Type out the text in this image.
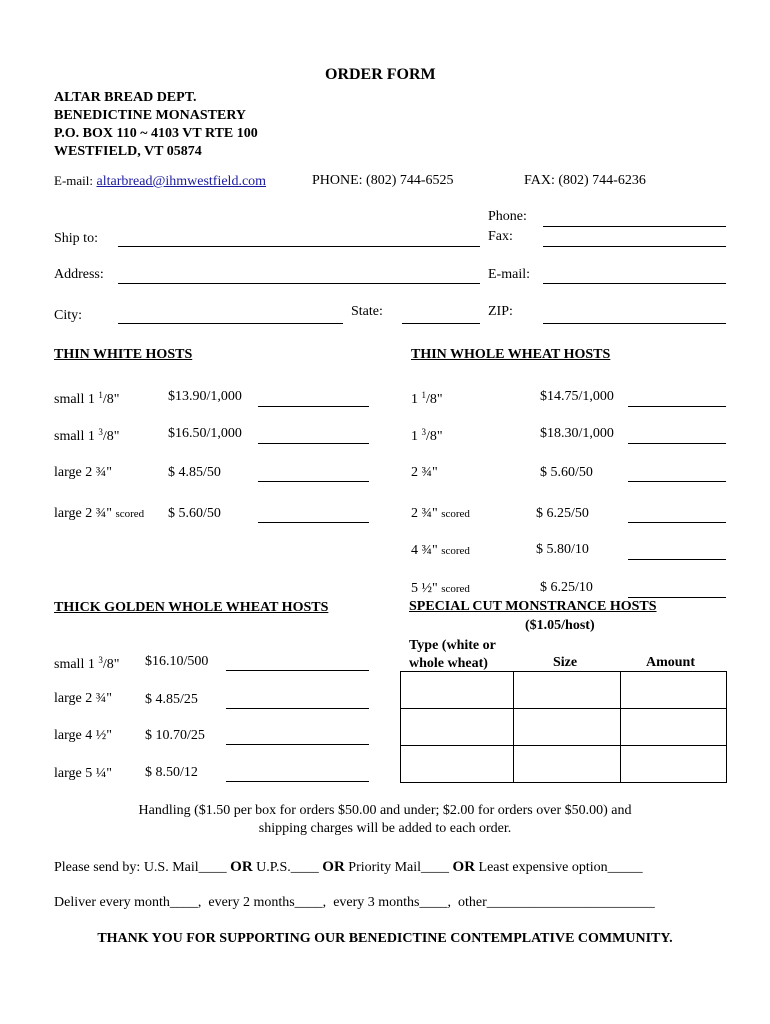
ORDER FORM
ALTAR BREAD DEPT.
BENEDICTINE MONASTERY
P.O. BOX 110 ~ 4103 VT RTE 100
WESTFIELD, VT 05874
E-mail: altarbread@ihmwestfield.com	PHONE: (802) 744-6525	FAX: (802) 744-6236
Phone:
Ship to:	Fax:
Address:	E-mail:
City:	State:	ZIP:
THIN WHITE HOSTS
small 1 $^1$/8"	$13.90/1,000
small 1 $^3$/8"	$16.50/1,000
large 2 ¾"	$ 4.85/50
large 2 ¾" scored $ 5.60/50
THIN WHOLE WHEAT HOSTS
1 $^1$/8"	$14.75/1,000
1 $^3$/8"	$18.30/1,000
2 ¾"	$ 5.60/50
2 ¾" scored	$ 6.25/50
4 ¾" scored	$ 5.80/10
5 ½" scored	$ 6.25/10
THICK GOLDEN WHOLE WHEAT HOSTS
small 1 $^3$/8" $16.10/500
large 2 ¾" $ 4.85/25
large 4 ½" $ 10.70/25
large 5 ¼" $ 8.50/12
SPECIAL CUT MONSTRANCE HOSTS
($1.05/host)
Type (white or
whole wheat)	Size	Amount

Handling ($1.50 per box for orders $50.00 and under; $2.00 for orders over $50.00) and
shipping charges will be added to each order.
Please send by: U.S. Mail____ OR U.P.S.____ OR Priority Mail____ OR Least expensive option_____
Deliver every month____, every 2 months____, every 3 months____, other________________________
THANK YOU FOR SUPPORTING OUR BENEDICTINE CONTEMPLATIVE COMMUNITY.
